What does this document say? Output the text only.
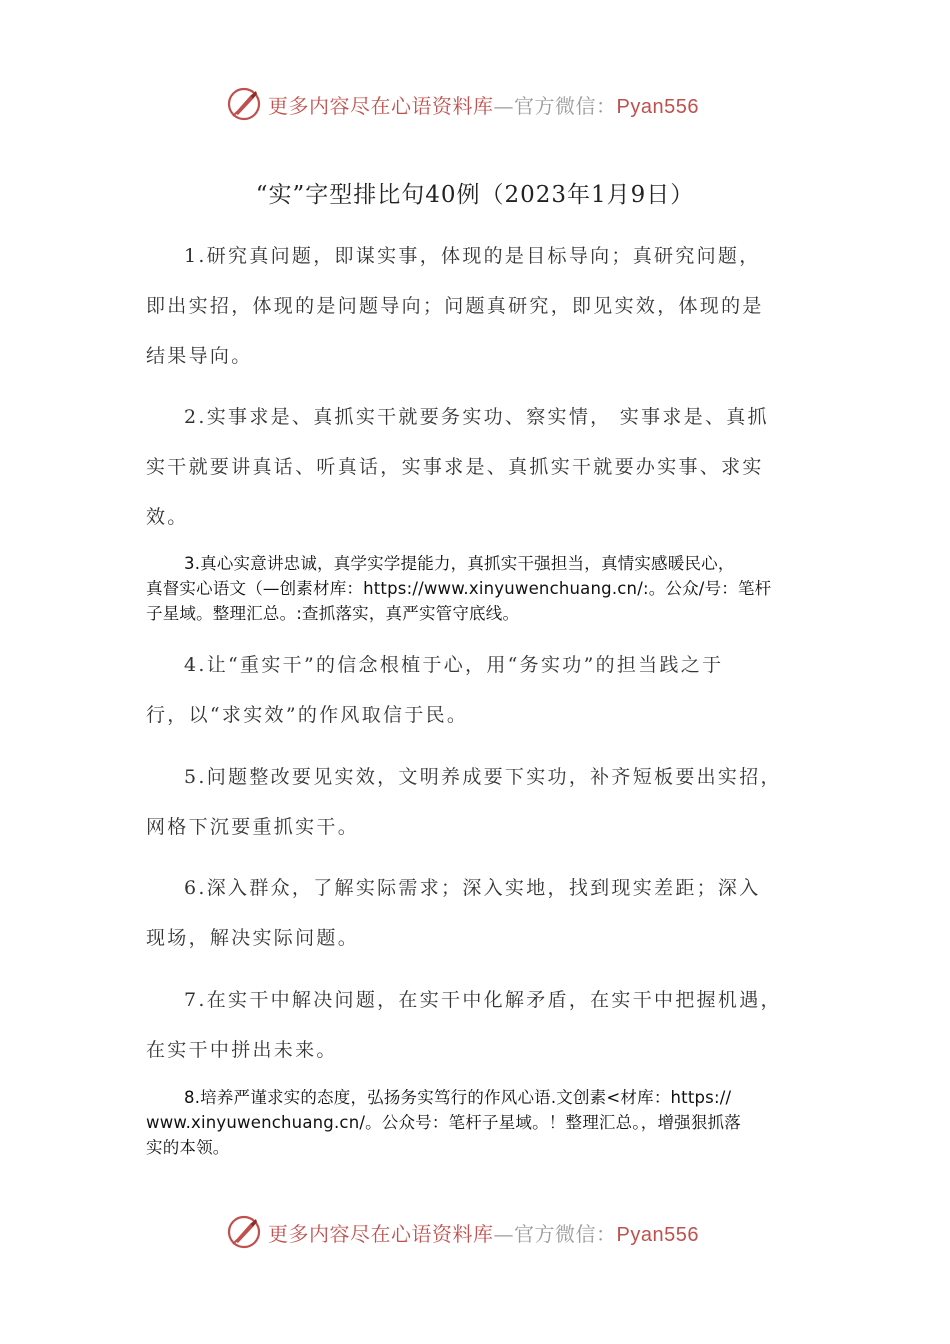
更多内容尽在心语资料库—官方微信：Pyan556
“实”字型排比句40例（2023年1月9日）

1.研究真问题，即谋实事，体现的是目标导向；真研究问题，
即出实招，体现的是问题导向；问题真研究，即见实效，体现的是
结果导向。

2.实事求是、真抓实干就要务实功、察实情， 实事求是、真抓
实干就要讲真话、听真话，实事求是、真抓实干就要办实事、求实
效。

3.真心实意讲忠诚，真学实学提能力，真抓实干强担当，真情实感暖民心，
真督实心语文（—创素材库：https://www.xinyuwenchuang.cn/:。公众/号：笔杆
子星域。整理汇总。:查抓落实，真严实管守底线。

4.让“重实干”的信念根植于心，用“务实功”的担当践之于
行，以“求实效”的作风取信于民。

5.问题整改要见实效，文明养成要下实功，补齐短板要出实招，
网格下沉要重抓实干。

6.深入群众，了解实际需求；深入实地，找到现实差距；深入
现场，解决实际问题。

7.在实干中解决问题，在实干中化解矛盾，在实干中把握机遇，
在实干中拼出未来。

8.培养严谨求实的态度，弘扬务实笃行的作风心语.文创素<材库：https://
www.xinyuwenchuang.cn/。公众号：笔杆子星域。！整理汇总。，增强狠抓落
实的本领。

更多内容尽在心语资料库—官方微信：Pyan556
